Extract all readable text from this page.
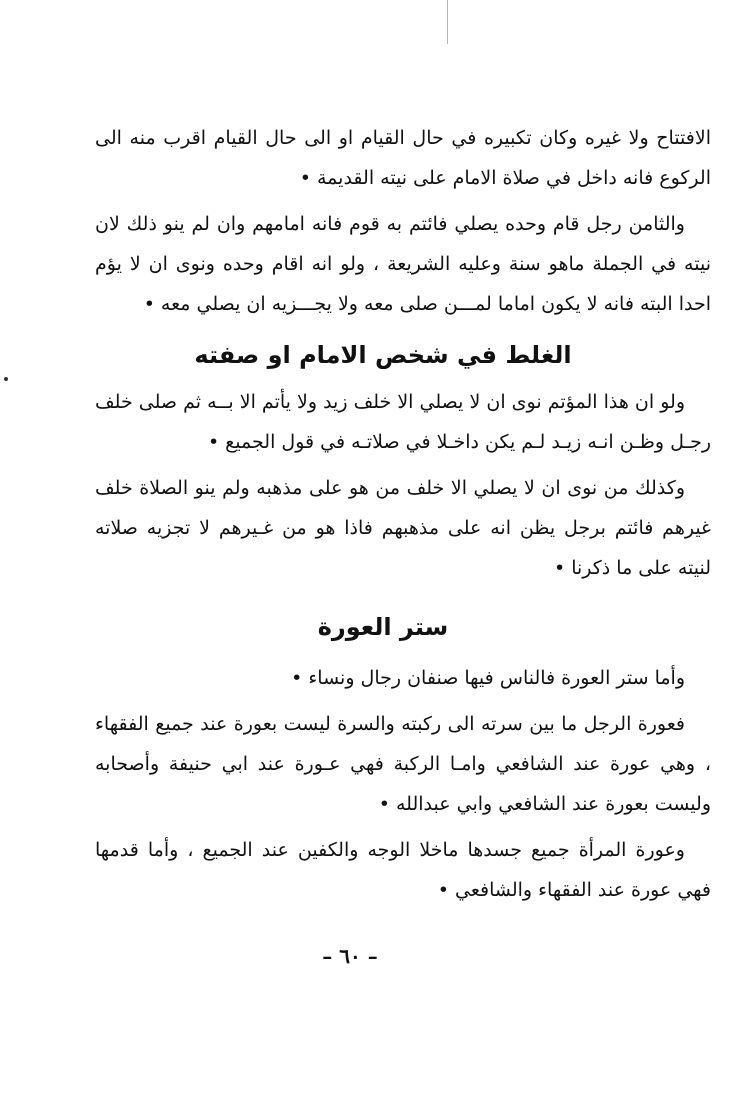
الافتتاح ولا غيره وكان تكبيره في حال القيام او الى حال القيام اقرب منه الى الركوع فانه داخل في صلاة الامام على نيته القديمة •

والثامن رجل قام وحده يصلي فائتم به قوم فانه امامهم وان لم ينو ذلك لان نيته في الجملة ماهو سنة وعليه الشريعة ، ولو انه اقام وحده ونوى ان لا يؤم احدا البته فانه لا يكون اماما لمـــن صلى معه ولا يجـــزيه ان يصلي معه •

الغلط في شخص الامام او صفته

ولو ان هذا المؤتم نوى ان لا يصلي الا خلف زيد ولا يأتم الا بــه ثم صلى خلف رجـل وظـن انـه زيـد لـم يكن داخـلا في صلاتـه في قول الجميع •

وكذلك من نوى ان لا يصلي الا خلف من هو على مذهبه ولم ينو الصلاة خلف غيرهم فائتم برجل يظن انه على مذهبهم فاذا هو من غـيرهم لا تجزيه صلاته لنيته على ما ذكرنا •

ستر العورة

وأما ستر العورة فالناس فيها صنفان رجال ونساء •

فعورة الرجل ما بين سرته الى ركبته والسرة ليست بعورة عند جميع الفقهاء ، وهي عورة عند الشافعي وامـا الركبة فهي عـورة عند ابي حنيفة وأصحابه وليست بعورة عند الشافعي وابي عبدالله •

وعورة المرأة جميع جسدها ماخلا الوجه والكفين عند الجميع ، وأما قدمها فهي عورة عند الفقهاء والشافعي •

– ٦٠ –
